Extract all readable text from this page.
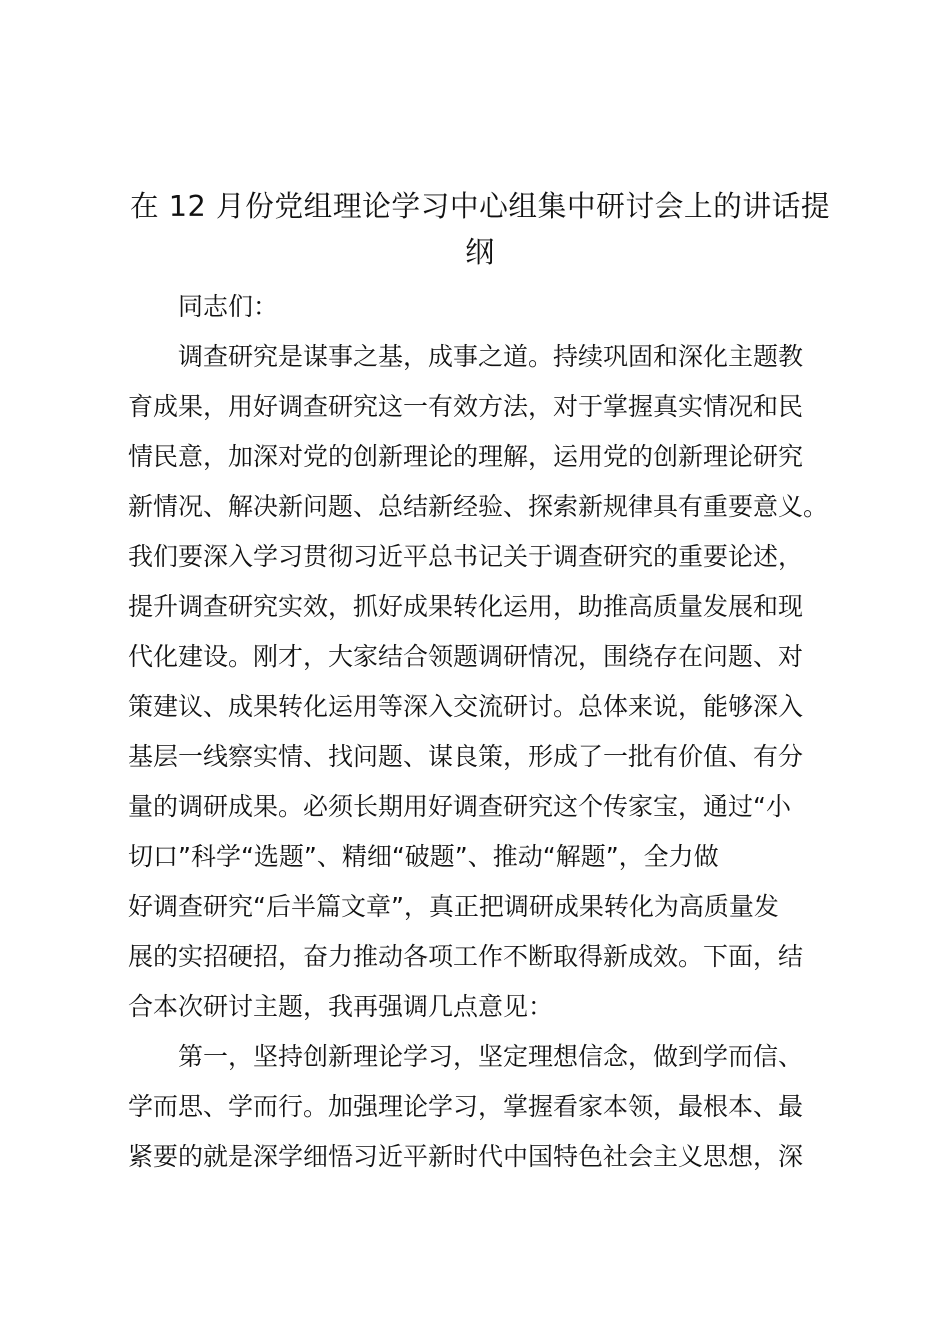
在 12 月份党组理论学习中心组集中研讨会上的讲话提
纲
同志们：
调查研究是谋事之基，成事之道。持续巩固和深化主题教
育成果，用好调查研究这一有效方法，对于掌握真实情况和民
情民意，加深对党的创新理论的理解，运用党的创新理论研究
新情况、解决新问题、总结新经验、探索新规律具有重要意义。
我们要深入学习贯彻习近平总书记关于调查研究的重要论述，
提升调查研究实效，抓好成果转化运用，助推高质量发展和现
代化建设。刚才，大家结合领题调研情况，围绕存在问题、对
策建议、成果转化运用等深入交流研讨。总体来说，能够深入
基层一线察实情、找问题、谋良策，形成了一批有价值、有分
量的调研成果。必须长期用好调查研究这个传家宝，通过“小
切口”科学“选题”、精细“破题”、推动“解题”，全力做
好调查研究“后半篇文章”，真正把调研成果转化为高质量发
展的实招硬招，奋力推动各项工作不断取得新成效。下面，结
合本次研讨主题，我再强调几点意见：
第一，坚持创新理论学习，坚定理想信念，做到学而信、
学而思、学而行。加强理论学习，掌握看家本领，最根本、最
紧要的就是深学细悟习近平新时代中国特色社会主义思想，深
